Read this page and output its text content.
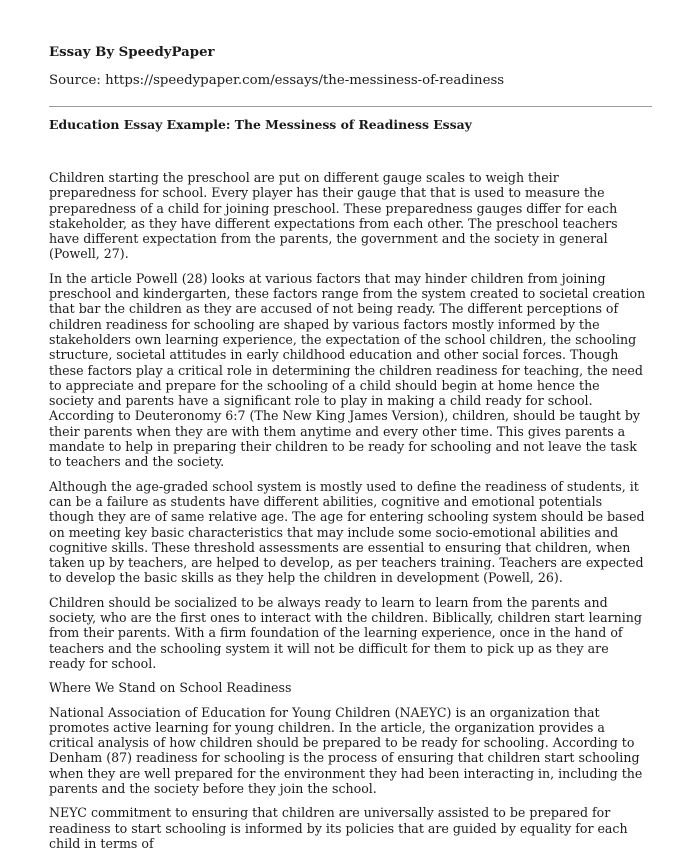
Essay By SpeedyPaper
Source: https://speedypaper.com/essays/the-messiness-of-readiness
Education Essay Example: The Messiness of Readiness Essay

Children starting the preschool are put on different gauge scales to weigh their preparedness for school. Every player has their gauge that that is used to measure the preparedness of a child for joining preschool. These preparedness gauges differ for each stakeholder, as they have different expectations from each other. The preschool teachers have different expectation from the parents, the government and the society in general (Powell, 27).

In the article Powell (28) looks at various factors that may hinder children from joining preschool and kindergarten, these factors range from the system created to societal creation that bar the children as they are accused of not being ready. The different perceptions of children readiness for schooling are shaped by various factors mostly informed by the stakeholders own learning experience, the expectation of the school children, the schooling structure, societal attitudes in early childhood education and other social forces. Though these factors play a critical role in determining the children readiness for teaching, the need to appreciate and prepare for the schooling of a child should begin at home hence the society and parents have a significant role to play in making a child ready for school. According to Deuteronomy 6:7 (The New King James Version), children, should be taught by their parents when they are with them anytime and every other time. This gives parents a mandate to help in preparing their children to be ready for schooling and not leave the task to teachers and the society.

Although the age-graded school system is mostly used to define the readiness of students, it can be a failure as students have different abilities, cognitive and emotional potentials though they are of same relative age. The age for entering schooling system should be based on meeting key basic characteristics that may include some socio-emotional abilities and cognitive skills. These threshold assessments are essential to ensuring that children, when taken up by teachers, are helped to develop, as per teachers training. Teachers are expected to develop the basic skills as they help the children in development (Powell, 26).

Children should be socialized to be always ready to learn to learn from the parents and society, who are the first ones to interact with the children. Biblically, children start learning from their parents. With a firm foundation of the learning experience, once in the hand of teachers and the schooling system it will not be difficult for them to pick up as they are ready for school.

Where We Stand on School Readiness

National Association of Education for Young Children (NAEYC) is an organization that promotes active learning for young children. In the article, the organization provides a critical analysis of how children should be prepared to be ready for schooling. According to Denham (87) readiness for schooling is the process of ensuring that children start schooling when they are well prepared for the environment they had been interacting in, including the parents and the society before they join the school.

NEYC commitment to ensuring that children are universally assisted to be prepared for readiness to start schooling is informed by its policies that are guided by equality for each child in terms of
